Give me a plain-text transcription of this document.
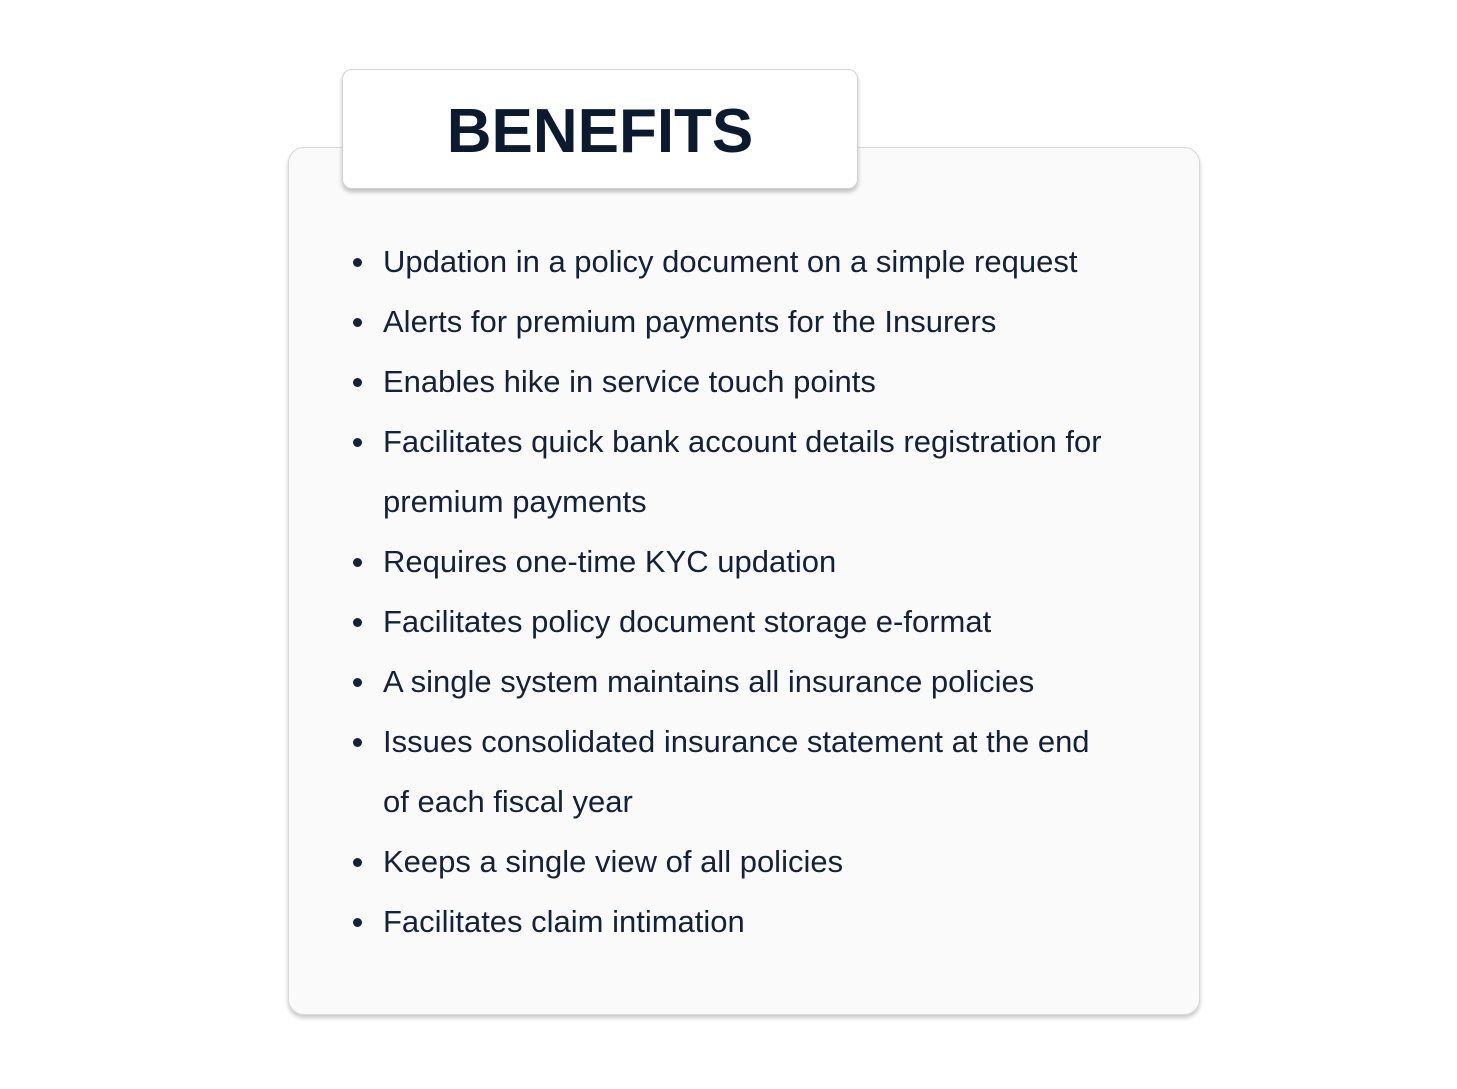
BENEFITS
Updation in a policy document on a simple request
Alerts for premium payments for the Insurers
Enables hike in service touch points
Facilitates quick bank account details registration for premium payments
Requires one-time KYC updation
Facilitates policy document storage e-format
A single system maintains all insurance policies
Issues consolidated insurance statement at the end of each fiscal year
Keeps a single view of all policies
Facilitates claim intimation
